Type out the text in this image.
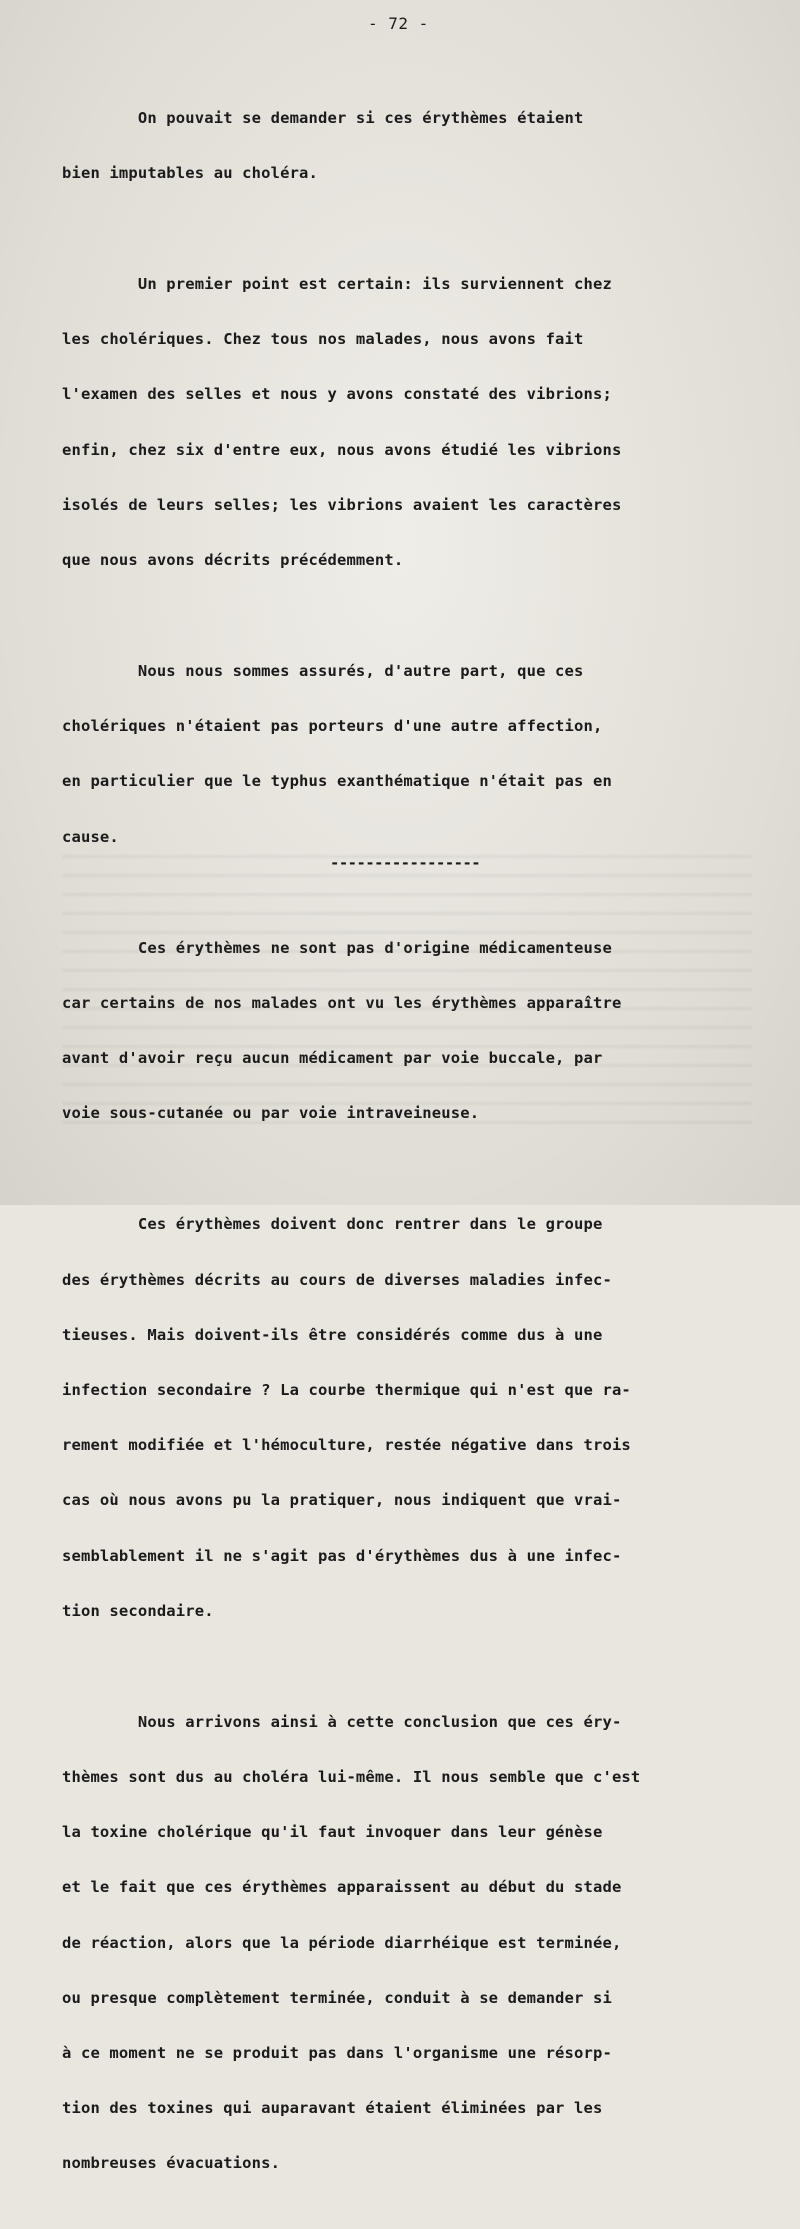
- 72 -

On pouvait se demander si ces érythèmes étaient

bien imputables au choléra.

Un premier point est certain: ils surviennent chez

les cholériques. Chez tous nos malades, nous avons fait

l'examen des selles et nous y avons constaté des vibrions;

enfin, chez six d'entre eux, nous avons étudié les vibrions

isolés de leurs selles; les vibrions avaient les caractères

que nous avons décrits précédemment.

Nous nous sommes assurés, d'autre part, que ces

cholériques n'étaient pas porteurs d'une autre affection,

en particulier que le typhus exanthématique n'était pas en

cause.

Ces érythèmes ne sont pas d'origine médicamenteuse

car certains de nos malades ont vu les érythèmes apparaître

avant d'avoir reçu aucun médicament par voie buccale, par

voie sous-cutanée ou par voie intraveineuse.

Ces érythèmes doivent donc rentrer dans le groupe

des érythèmes décrits au cours de diverses maladies infec-

tieuses. Mais doivent-ils être considérés comme dus à une

infection secondaire ? La courbe thermique qui n'est que ra-

rement modifiée et l'hémoculture, restée négative dans trois

cas où nous avons pu la pratiquer, nous indiquent que vrai-

semblablement il ne s'agit pas d'érythèmes dus à une infec-

tion secondaire.

Nous arrivons ainsi à cette conclusion que ces éry-

thèmes sont dus au choléra lui-même. Il nous semble que c'est

la toxine cholérique qu'il faut invoquer dans leur génèse

et le fait que ces érythèmes apparaissent au début du stade

de réaction, alors que la période diarrhéique est terminée,

ou presque complètement terminée, conduit à se demander si

à ce moment ne se produit pas dans l'organisme une résorp-

tion des toxines qui auparavant étaient éliminées par les

nombreuses évacuations.

-----------------
